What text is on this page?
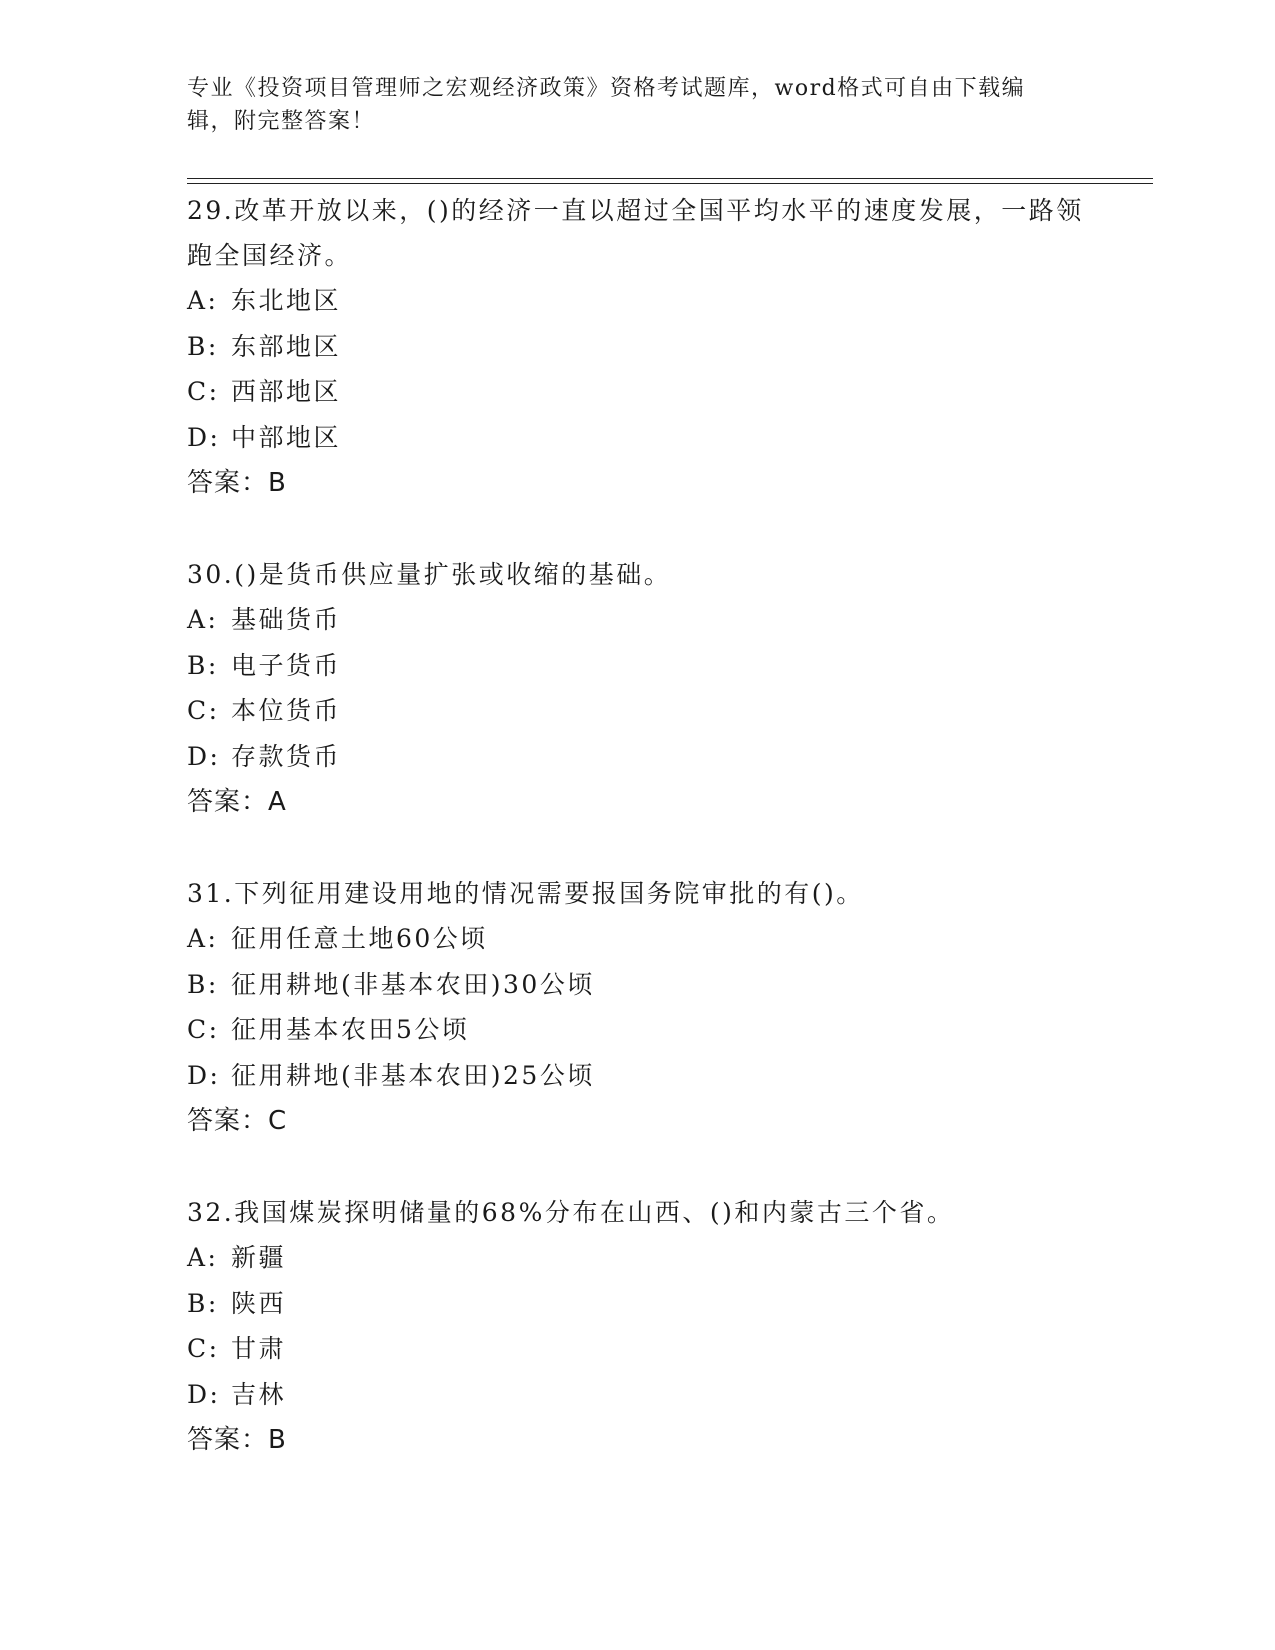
专业《投资项目管理师之宏观经济政策》资格考试题库，word格式可自由下载编辑，附完整答案！

29.改革开放以来，()的经济一直以超过全国平均水平的速度发展，一路领跑全国经济。

A: 东北地区

B: 东部地区

C: 西部地区

D: 中部地区

答案：B

30.()是货币供应量扩张或收缩的基础。

A: 基础货币

B: 电子货币

C: 本位货币

D: 存款货币

答案：A

31.下列征用建设用地的情况需要报国务院审批的有()。

A: 征用任意土地60公顷

B: 征用耕地(非基本农田)30公顷

C: 征用基本农田5公顷

D: 征用耕地(非基本农田)25公顷

答案：C

32.我国煤炭探明储量的68%分布在山西、()和内蒙古三个省。

A: 新疆

B: 陕西

C: 甘肃

D: 吉林

答案：B
